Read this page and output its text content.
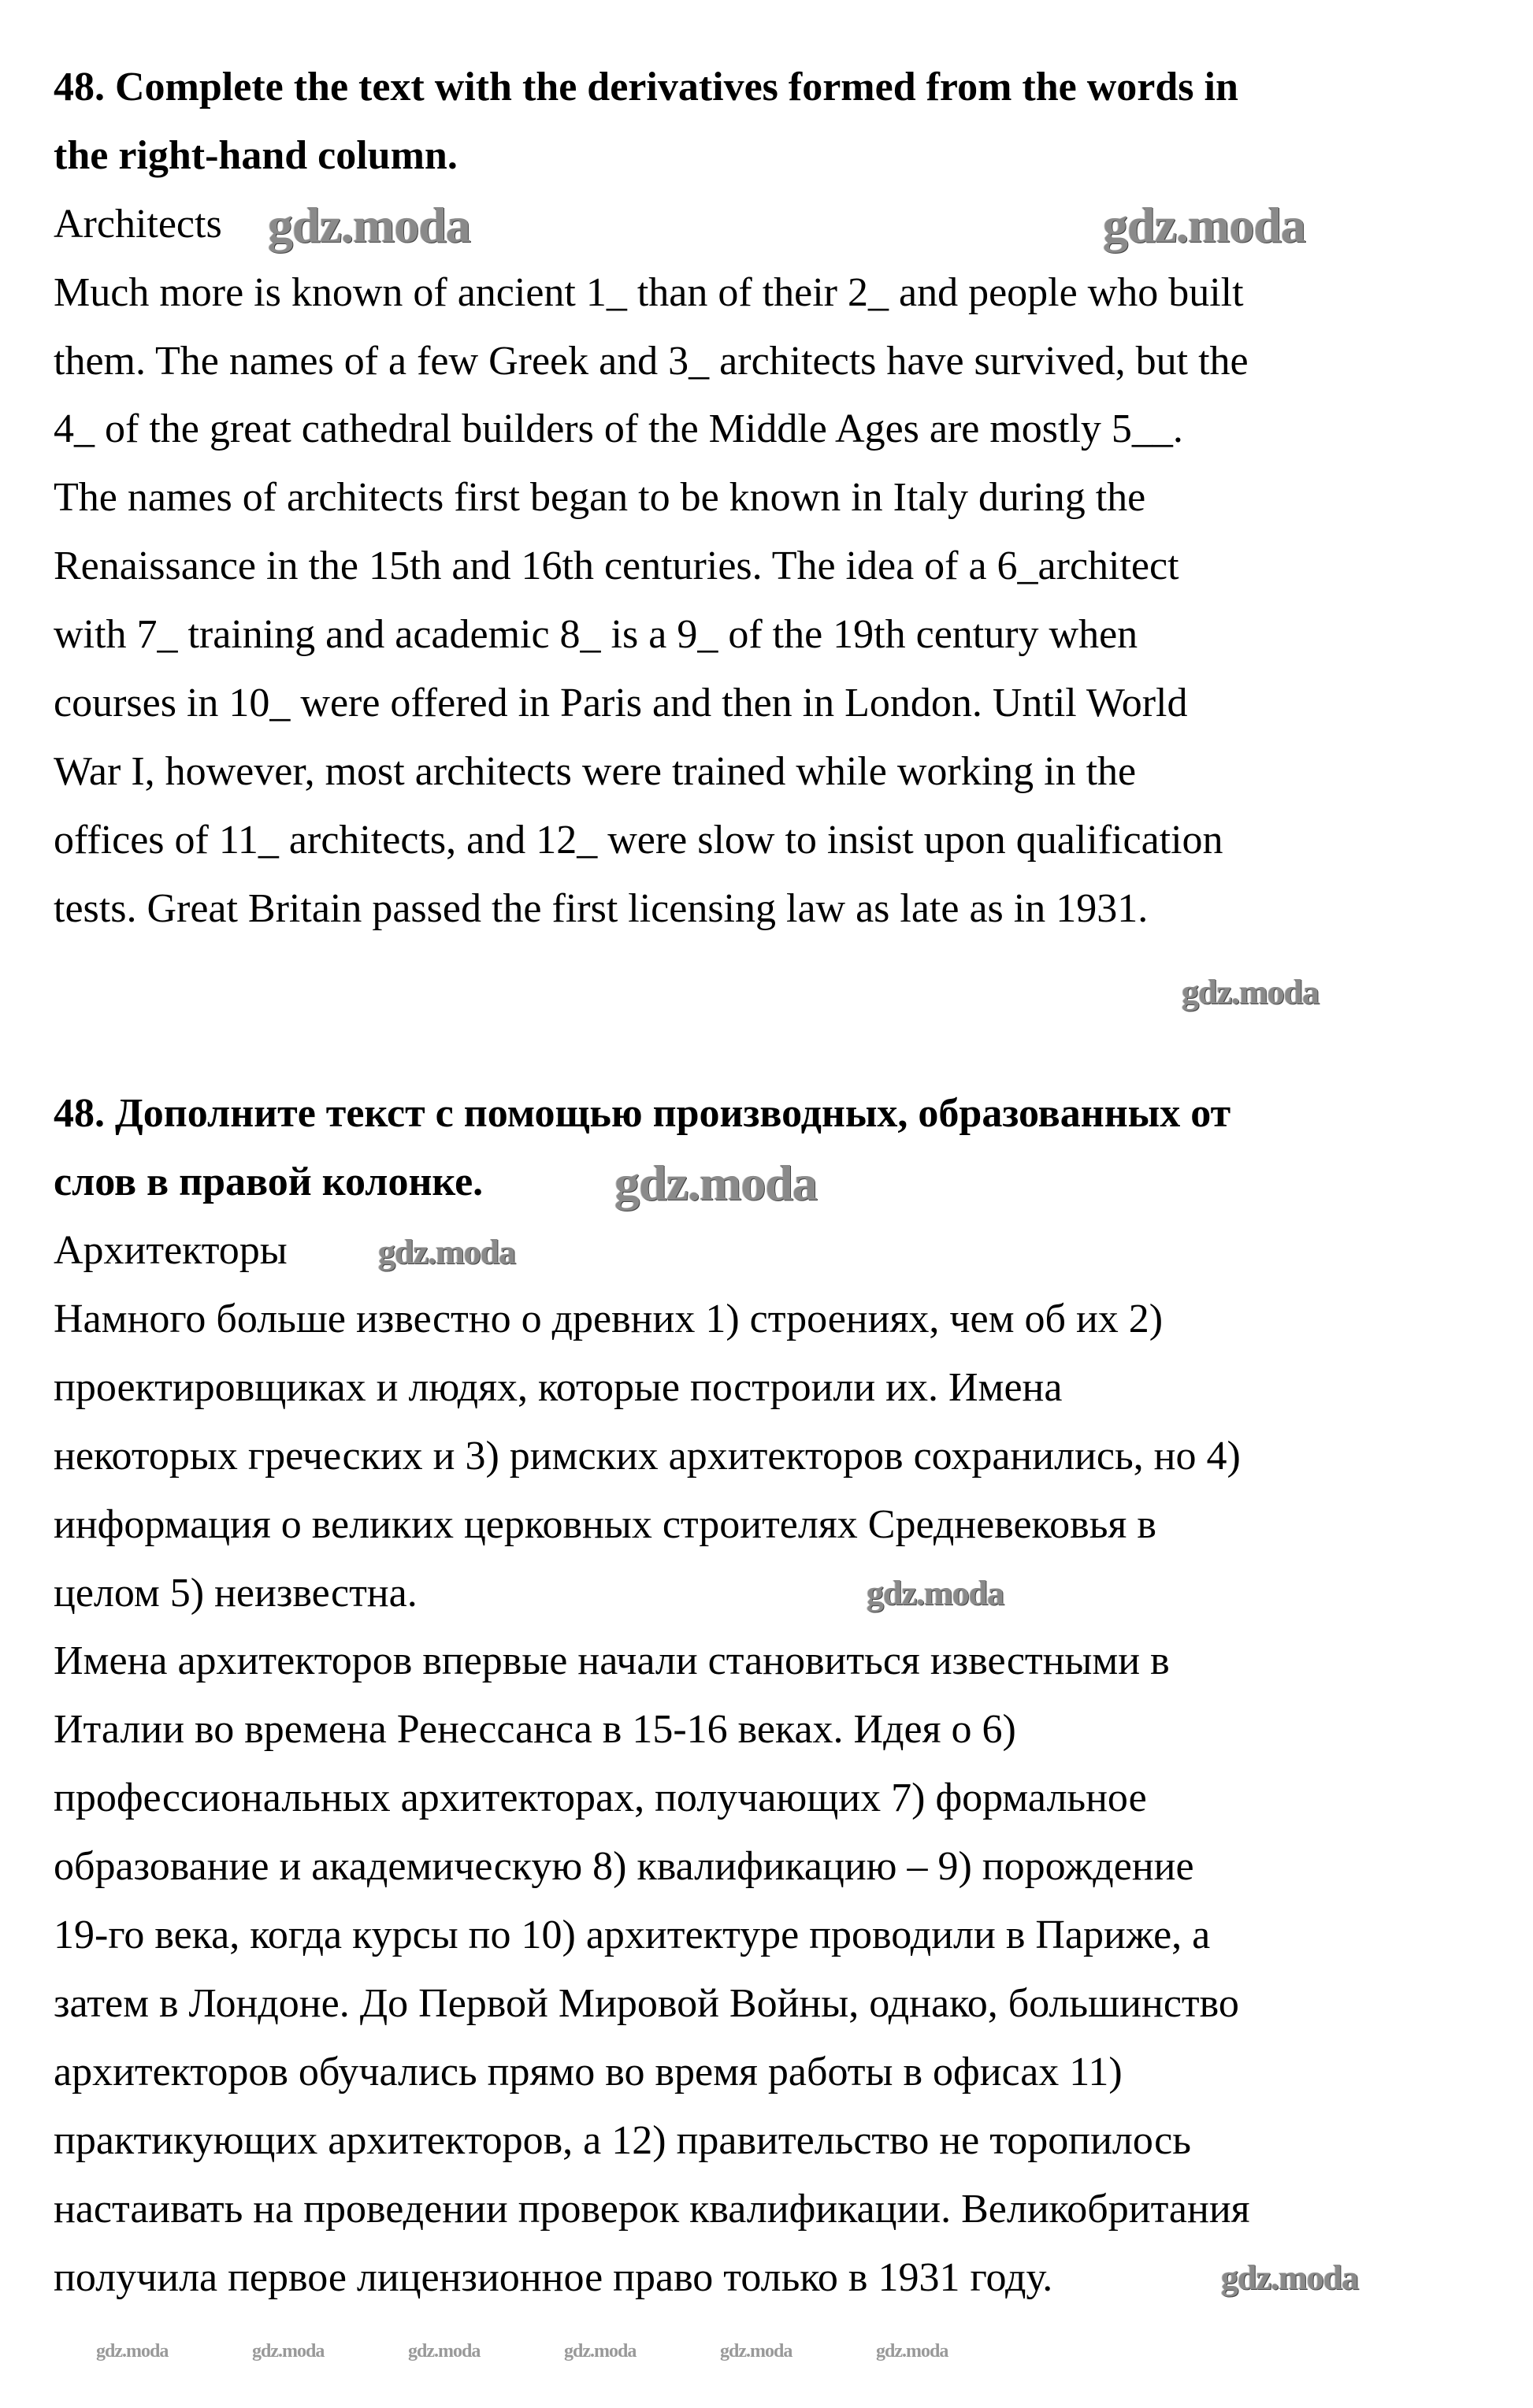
48. Complete the text with the derivatives formed from the words in
the right-hand column.
Architects
Much more is known of ancient 1_ than of their 2_ and people who built
them. The names of a few Greek and 3_ architects have survived, but the
4_ of the great cathedral builders of the Middle Ages are mostly 5__.
The names of architects first began to be known in Italy during the
Renaissance in the 15th and 16th centuries. The idea of a 6_architect
with 7_ training and academic 8_ is a 9_ of the 19th century when
courses in 10_ were offered in Paris and then in London. Until World
War I, however, most architects were trained while working in the
offices of 11_ architects, and 12_ were slow to insist upon qualification
tests. Great Britain passed the first licensing law as late as in 1931.
48. Дополните текст с помощью производных, образованных от
слов в правой колонке.
Архитекторы
Намного больше известно о древних 1) строениях, чем об их 2)
проектировщиках и людях, которые построили их. Имена
некоторых греческих и 3) римских архитекторов сохранились, но 4)
информация о великих церковных строителях Средневековья в
целом 5) неизвестна.
Имена архитекторов впервые начали становиться известными в
Италии во времена Ренессанса в 15-16 веках. Идея о 6)
профессиональных архитекторах, получающих 7) формальное
образование и академическую 8) квалификацию – 9) порождение
19-го века, когда курсы по 10) архитектуре проводили в Париже, а
затем в Лондоне. До Первой Мировой Войны, однако, большинство
архитекторов обучались прямо во время работы в офисах 11)
практикующих архитекторов, а 12) правительство не торопилось
настаивать на проведении проверок квалификации. Великобритания
получила первое лицензионное право только в 1931 году.
gdz.moda	gdz.moda
gdz.moda
gdz.moda
gdz.moda
gdz.moda
gdz.moda
gdz.moda	gdz.moda	gdz.moda	gdz.moda	gdz.moda	gdz.moda
